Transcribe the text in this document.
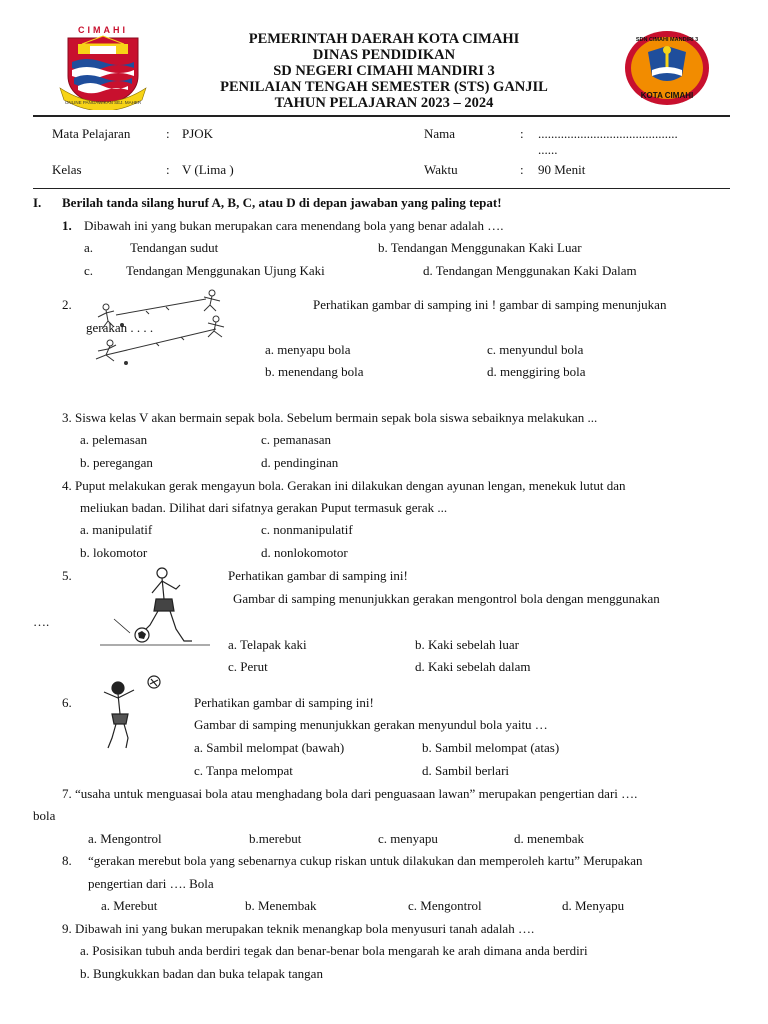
CIMAHI
ONLINE PANGAWIKAN SEJ. MAHER
PEMERINTAH DAERAH KOTA CIMAHI
DINAS PENDIDIKAN
SD NEGERI CIMAHI MANDIRI 3
PENILAIAN TENGAH SEMESTER (STS) GANJIL
TAHUN PELAJARAN 2023 – 2024
SDN CIMAHI MANDIRI 3
KOTA CIMAHI
Mata Pelajaran	: PJOK	Nama	: ...........................................
......
Kelas	: V (Lima )	Waktu	: 90 Menit
I. Berilah tanda silang huruf A, B, C, atau D di depan jawaban yang paling tepat!
1. Dibawah ini yang bukan merupakan cara menendang bola yang benar adalah ….
a.	Tendangan sudut	b. Tendangan Menggunakan Kaki Luar
c.	Tendangan Menggunakan Ujung Kaki	d. Tendangan Menggunakan Kaki Dalam
2.	Perhatikan gambar di samping ini ! gambar di samping menunjukan
gerakan . . . .
a. menyapu bola	c. menyundul bola
b. menendang bola	d. menggiring bola
3. Siswa kelas V akan bermain sepak bola. Sebelum bermain sepak bola siswa sebaiknya melakukan ...
a. pelemasan	c. pemanasan
b. peregangan	d. pendinginan
4. Puput melakukan gerak mengayun bola. Gerakan ini dilakukan dengan ayunan lengan, menekuk lutut dan
meliukan badan. Dilihat dari sifatnya gerakan Puput termasuk gerak ...
a. manipulatif	c. nonmanipulatif
b. lokomotor	d. nonlokomotor
5.	Perhatikan gambar di samping ini!
Gambar di samping menunjukkan gerakan mengontrol bola dengan menggunakan
….
a. Telapak kaki	b. Kaki sebelah luar
c. Perut	d. Kaki sebelah dalam
6.	Perhatikan gambar di samping ini!
Gambar di samping menunjukkan gerakan menyundul bola yaitu …
a. Sambil melompat (bawah)	b. Sambil melompat (atas)
c. Tanpa melompat	d. Sambil berlari
7. “usaha untuk menguasai bola atau menghadang bola dari penguasaan lawan” merupakan pengertian dari ….
bola
a. Mengontrol	b.merebut	c. menyapu	d. menembak
8. “gerakan merebut bola yang sebenarnya cukup riskan untuk dilakukan dan memperoleh kartu” Merupakan
pengertian dari …. Bola
a. Merebut	b. Menembak	c. Mengontrol	d. Menyapu
9. Dibawah ini yang bukan merupakan teknik menangkap bola menyusuri tanah adalah ….
a. Posisikan tubuh anda berdiri tegak dan benar-benar bola mengarah ke arah dimana anda berdiri
b. Bungkukkan badan dan buka telapak tangan
